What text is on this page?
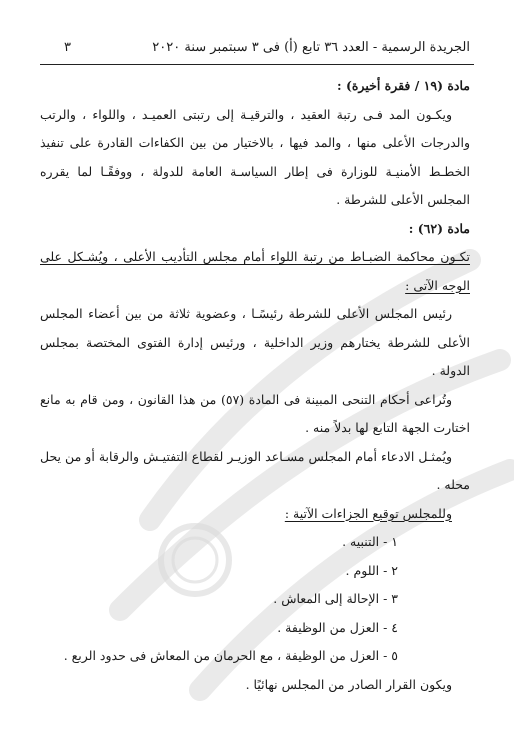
الجريدة الرسمية - العدد ٣٦ تابع (أ) فى ٣ سبتمبر سنة ٢٠٢٠
٣

مادة (١٩ / فقرة أخيرة) :

ويكـون المد فـى رتبة العقيد ، والترقيـة إلى رتبتى العميـد ، واللواء ، والرتب والدرجات الأعلى منها ، والمد فيها ، بالاختيار من بين الكفاءات القادرة على تنفيذ الخطـط الأمنيـة للوزارة فى إطار السياسـة العامة للدولة ، ووفقًـا لما يقرره المجلس الأعلى للشرطة .

مادة (٦٢) :

تكـون محاكمة الضبـاط من رتبة اللواء أمام مجلس التأديب الأعلى ، ويُشـكل على الوجه الآتى :

رئيس المجلس الأعلى للشرطة رئيسًـا ، وعضوية ثلاثة من بين أعضاء المجلس الأعلى للشرطة يختارهم وزير الداخلية ، ورئيس إدارة الفتوى المختصة بمجلس الدولة .

وتُراعى أحكام التنحى المبينة فى المادة (٥٧) من هذا القانون ، ومن قام به مانع اختارت الجهة التابع لها بدلاً منه .

ويُمثـل الادعاء أمام المجلس مسـاعد الوزيـر لقطاع التفتيـش والرقابة أو من يحل محله .

وللمجلس توقيع الجزاءات الآتية :

١ - التنبيه .
٢ - اللوم .
٣ - الإحالة إلى المعاش .
٤ - العزل من الوظيفة .
٥ - العزل من الوظيفة ، مع الحرمان من المعاش فى حدود الربع .

ويكون القرار الصادر من المجلس نهائيًا .
